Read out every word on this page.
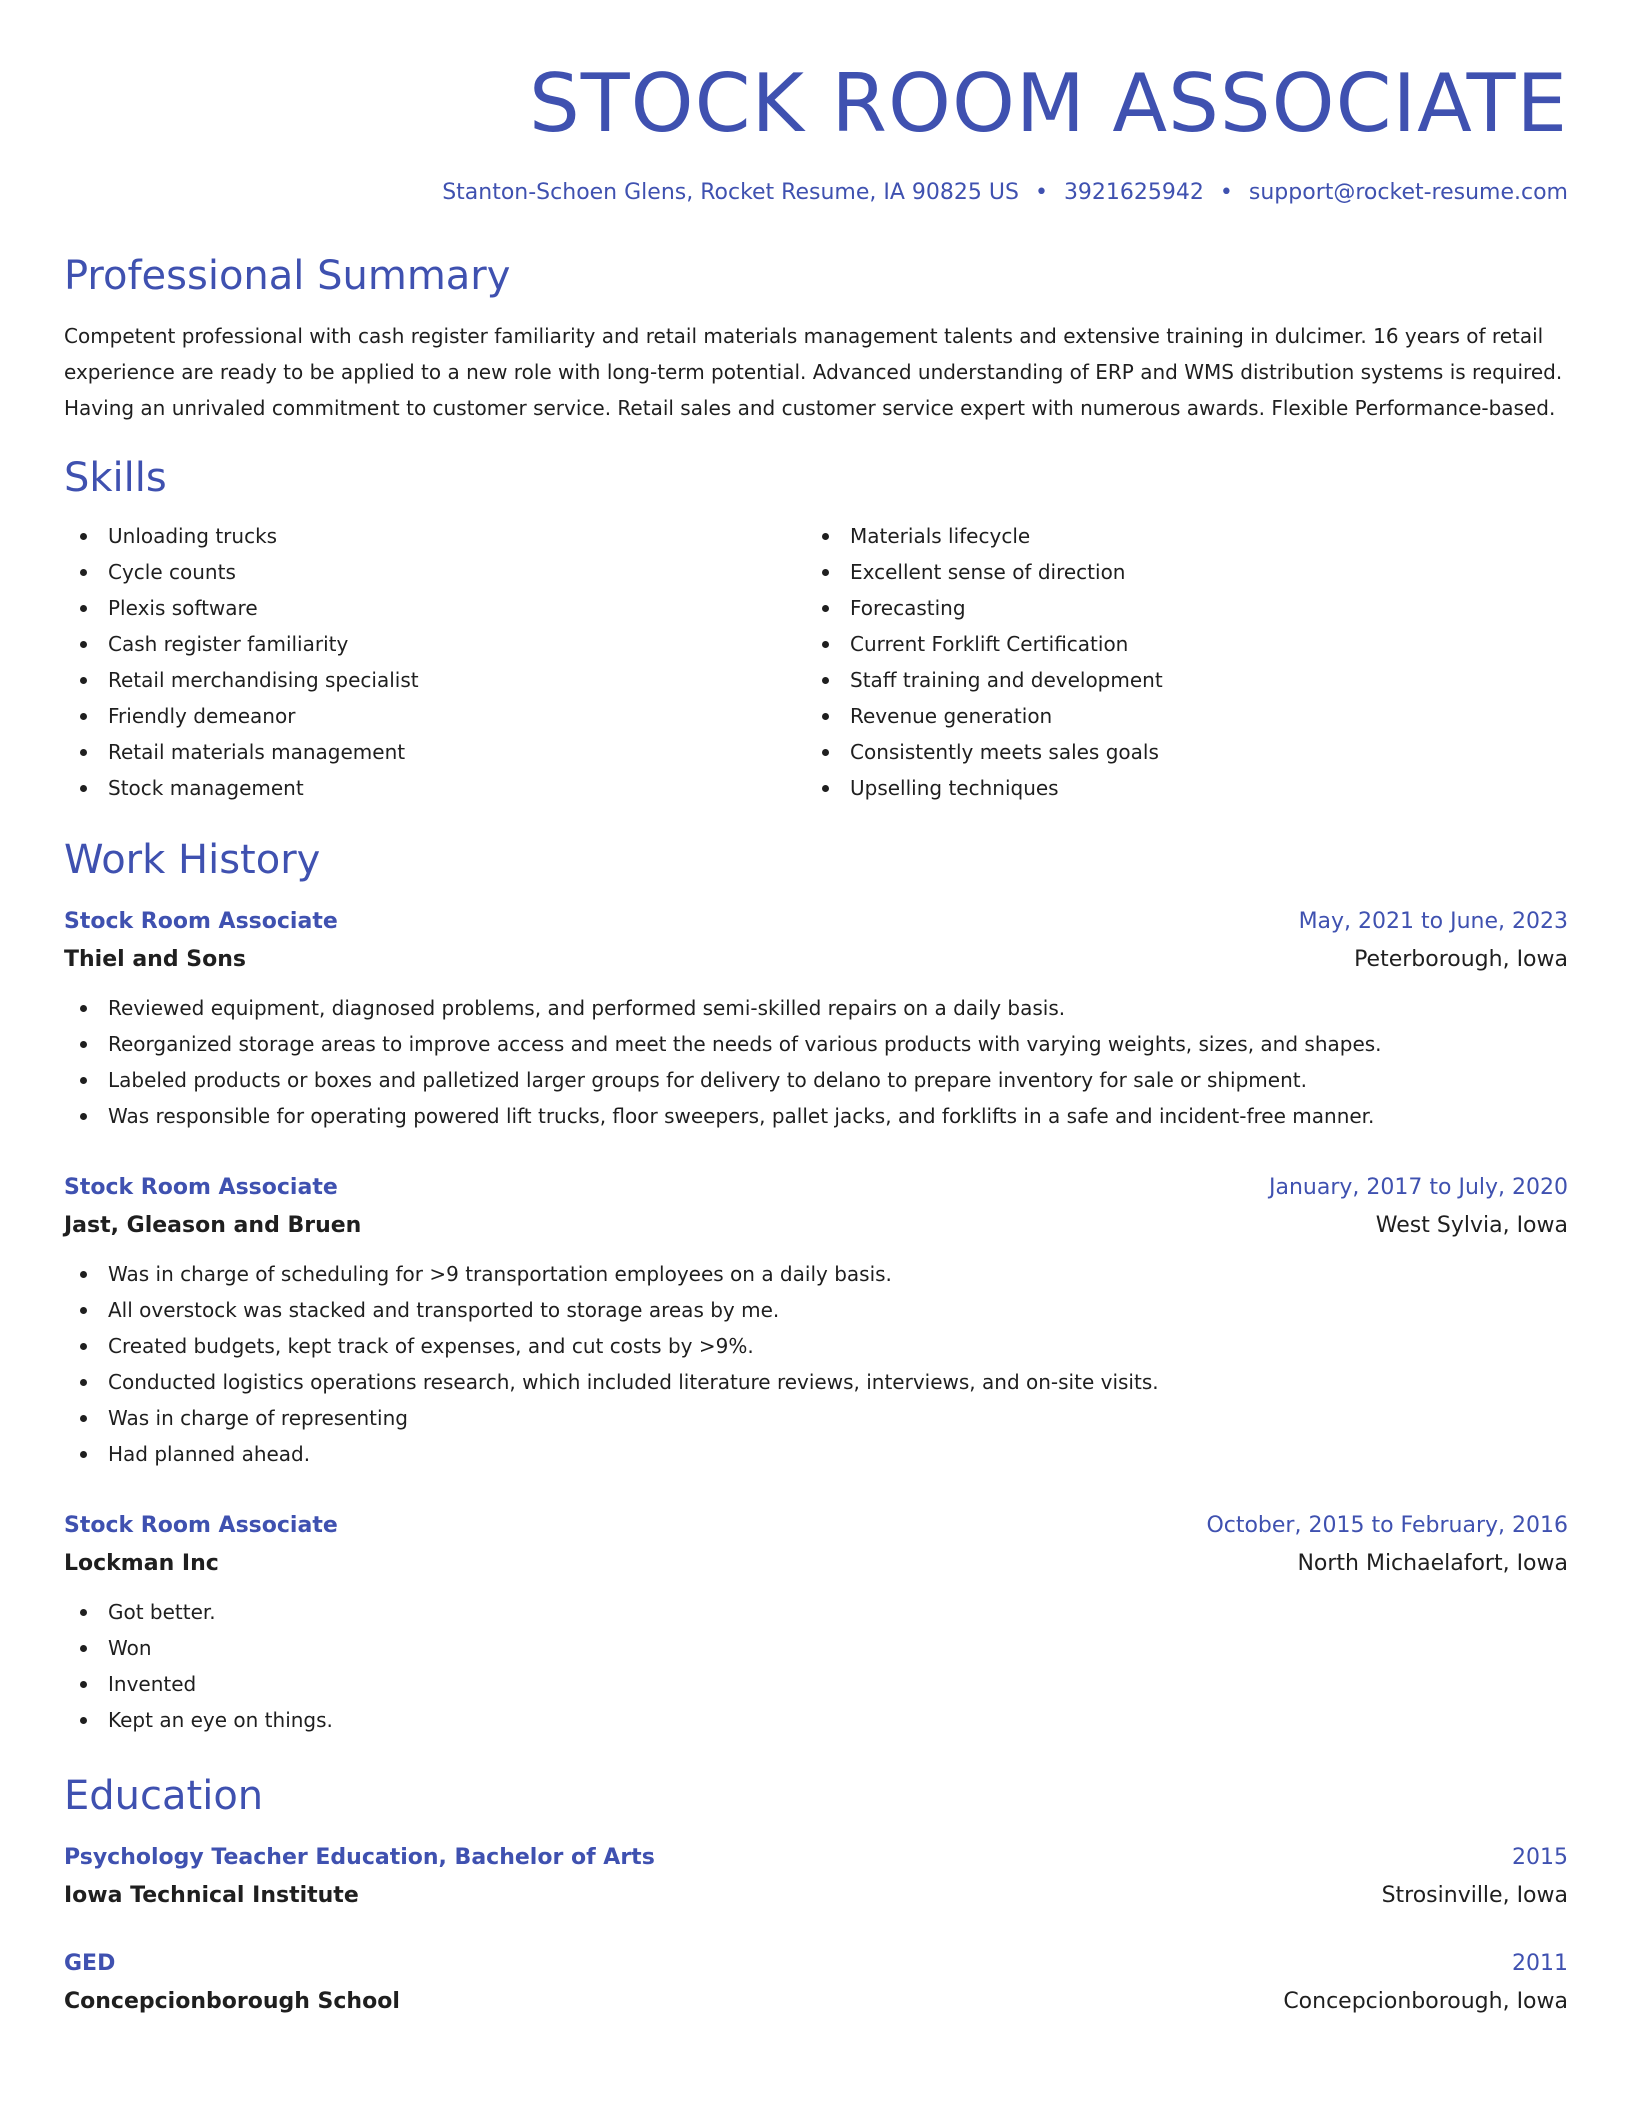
STOCK ROOM ASSOCIATE
Stanton-Schoen Glens, Rocket Resume, IA 90825 US • 3921625942 • support@rocket-resume.com
Professional Summary

Competent professional with cash register familiarity and retail materials management talents and extensive training in dulcimer. 16 years of retail experience are ready to be applied to a new role with long-term potential. Advanced understanding of ERP and WMS distribution systems is required. Having an unrivaled commitment to customer service. Retail sales and customer service expert with numerous awards. Flexible Performance-based.

Skills
Unloading trucks
Cycle counts
Plexis software
Cash register familiarity
Retail merchandising specialist
Friendly demeanor
Retail materials management
Stock management
Materials lifecycle
Excellent sense of direction
Forecasting
Current Forklift Certification
Staff training and development
Revenue generation
Consistently meets sales goals
Upselling techniques
Work History
Stock Room Associate	May, 2021 to June, 2023
Thiel and Sons	Peterborough, Iowa
Reviewed equipment, diagnosed problems, and performed semi-skilled repairs on a daily basis.
Reorganized storage areas to improve access and meet the needs of various products with varying weights, sizes, and shapes.
Labeled products or boxes and palletized larger groups for delivery to delano to prepare inventory for sale or shipment.
Was responsible for operating powered lift trucks, floor sweepers, pallet jacks, and forklifts in a safe and incident-free manner.
Stock Room Associate	January, 2017 to July, 2020
Jast, Gleason and Bruen	West Sylvia, Iowa
Was in charge of scheduling for >9 transportation employees on a daily basis.
All overstock was stacked and transported to storage areas by me.
Created budgets, kept track of expenses, and cut costs by >9%.
Conducted logistics operations research, which included literature reviews, interviews, and on-site visits.
Was in charge of representing
Had planned ahead.
Stock Room Associate	October, 2015 to February, 2016
Lockman Inc	North Michaelafort, Iowa
Got better.
Won
Invented
Kept an eye on things.
Education
Psychology Teacher Education, Bachelor of Arts	2015
Iowa Technical Institute	Strosinville, Iowa
GED	2011
Concepcionborough School	Concepcionborough, Iowa
